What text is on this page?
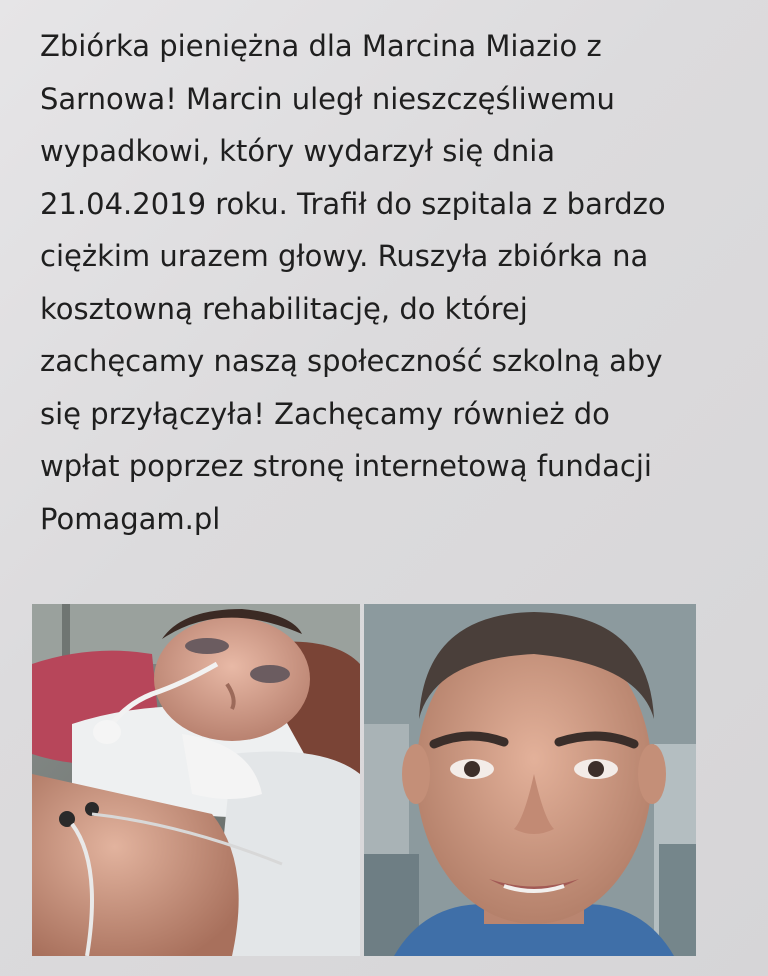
Zbiórka pieniężna dla Marcina Miazio z
Sarnowa! Marcin uległ nieszczęśliwemu
wypadkowi, który wydarzył się dnia
21.04.2019 roku. Trafił do szpitala z bardzo
ciężkim urazem głowy. Ruszyła zbiórka na
kosztowną rehabilitację, do której
zachęcamy naszą społeczność szkolną aby
się przyłączyła! Zachęcamy również do
wpłat poprzez stronę internetową fundacji
Pomagam.pl
